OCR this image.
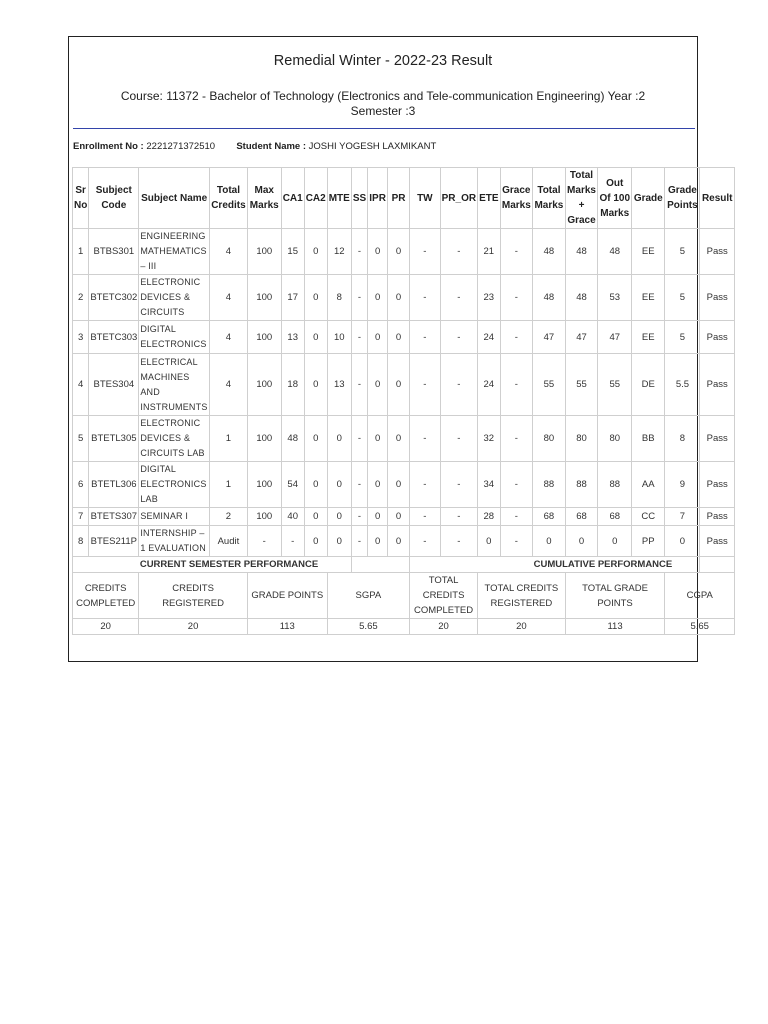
Remedial Winter - 2022-23 Result
Course: 11372 - Bachelor of Technology (Electronics and Tele-communication Engineering) Year :2
Semester :3
Enrollment No : 2221271372510 Student Name : JOSHI YOGESH LAXMIKANT
Sr No	Subject Code	Subject Name	Total Credits	Max Marks	CA1	CA2	MTE	SS	IPR	PR	TW	PR_OR	ETE	Grace Marks	Total Marks	Total Marks + Grace	Out Of 100 Marks	Grade	Grade Points	Result
1	BTBS301	ENGINEERING MATHEMATICS – III	4	100	15	0	12	-	0	0	-	-	21	-	48	48	48	EE	5	Pass
2	BTETC302	ELECTRONIC DEVICES & CIRCUITS	4	100	17	0	8	-	0	0	-	-	23	-	48	48	53	EE	5	Pass
3	BTETC303	DIGITAL ELECTRONICS	4	100	13	0	10	-	0	0	-	-	24	-	47	47	47	EE	5	Pass
4	BTES304	ELECTRICAL MACHINES AND INSTRUMENTS	4	100	18	0	13	-	0	0	-	-	24	-	55	55	55	DE	5.5	Pass
5	BTETL305	ELECTRONIC DEVICES & CIRCUITS LAB	1	100	48	0	0	-	0	0	-	-	32	-	80	80	80	BB	8	Pass
6	BTETL306	DIGITAL ELECTRONICS LAB	1	100	54	0	0	-	0	0	-	-	34	-	88	88	88	AA	9	Pass
7	BTETS307	SEMINAR I	2	100	40	0	0	-	0	0	-	-	28	-	68	68	68	CC	7	Pass
8	BTES211P	INTERNSHIP – 1 EVALUATION	Audit	-	-	0	0	-	0	0	-	-	0	-	0	0	0	PP	0	Pass
		CURRENT SEMESTER PERFORMANCE													CUMULATIVE PERFORMANCE					
CREDITS COMPLETED		CREDITS REGISTERED		GRADE POINTS			SGPA				TOTAL CREDITS COMPLETED		TOTAL CREDITS REGISTERED			TOTAL GRADE POINTS			CGPA	
20		20		113			5.65				20		20			113			5.65	
